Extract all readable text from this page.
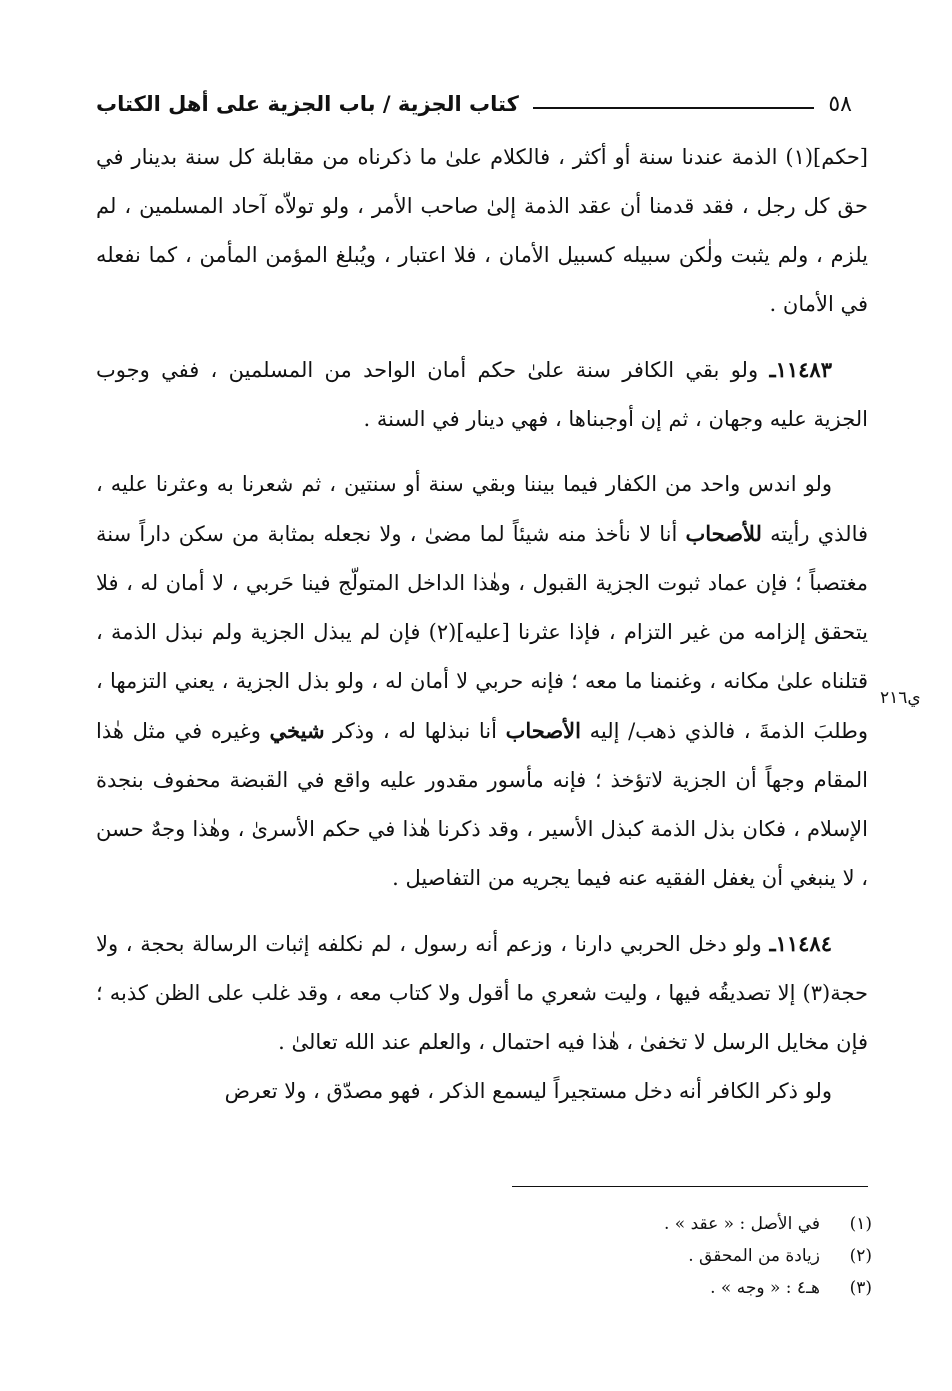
كتاب الجزية / باب الجزية على أهل الكتاب	٥٨
ي٢١٦

[حكم](١) الذمة عندنا سنة أو أكثر ، فالكلام علىٰ ما ذكرناه من مقابلة كل سنة بدينار في حق كل رجل ، فقد قدمنا أن عقد الذمة إلىٰ صاحب الأمر ، ولو تولاّه آحاد المسلمين ، لم يلزم ، ولم يثبت ولٰكن سبيله كسبيل الأمان ، فلا اعتبار ، ويُبلغ المؤمن المأمن ، كما نفعله في الأمان .

١١٤٨٣ـ ولو بقي الكافر سنة علىٰ حكم أمان الواحد من المسلمين ، ففي وجوب الجزية عليه وجهان ، ثم إن أوجبناها ، فهي دينار في السنة .

ولو اندس واحد من الكفار فيما بيننا وبقي سنة أو سنتين ، ثم شعرنا به وعثرنا عليه ، فالذي رأيته للأصحاب أنا لا نأخذ منه شيئاً لما مضىٰ ، ولا نجعله بمثابة من سكن داراً سنة مغتصباً ؛ فإن عماد ثبوت الجزية القبول ، وهٰذا الداخل المتولّج فينا حَربي ، لا أمان له ، فلا يتحقق إلزامه من غير التزام ، فإذا عثرنا [عليه](٢) فإن لم يبذل الجزية ولم نبذل الذمة ، قتلناه علىٰ مكانه ، وغنمنا ما معه ؛ فإنه حربي لا أمان له ، ولو بذل الجزية ، يعني التزمها ، وطلبَ الذمةَ ، فالذي ذهب/ إليه الأصحاب أنا نبذلها له ، وذكر شيخي وغيره في مثل هٰذا المقام وجهاً أن الجزية لاتؤخذ ؛ فإنه مأسور مقدور عليه واقع في القبضة محفوف بنجدة الإسلام ، فكان بذل الذمة كبذل الأسير ، وقد ذكرنا هٰذا في حكم الأسرىٰ ، وهٰذا وجهٌ حسن ، لا ينبغي أن يغفل الفقيه عنه فيما يجريه من التفاصيل .

١١٤٨٤ـ ولو دخل الحربي دارنا ، وزعم أنه رسول ، لم نكلفه إثبات الرسالة بحجة ، ولا حجة(٣) إلا تصديقُه فيها ، وليت شعري ما أقول ولا كتاب معه ، وقد غلب على الظن كذبه ؛ فإن مخايل الرسل لا تخفىٰ ، هٰذا فيه احتمال ، والعلم عند الله تعالىٰ .

ولو ذكر الكافر أنه دخل مستجيراً ليسمع الذكر ، فهو مصدّق ، ولا تعرض

(١)
في الأصل : « عقد » .
(٢)
زيادة من المحقق .
(٣)
هـ٤ : « وجه » .
